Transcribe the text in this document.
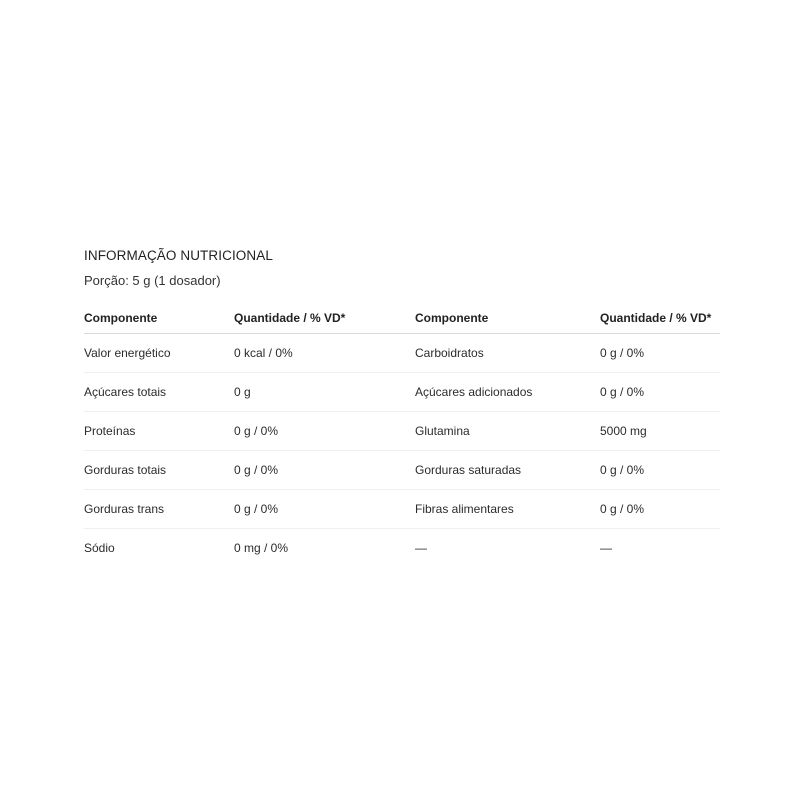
INFORMAÇÃO NUTRICIONAL
Porção: 5 g (1 dosador)
Componente	Quantidade / % VD*	Componente	Quantidade / % VD*
Valor energético	0 kcal / 0%	Carboidratos	0 g / 0%
Açúcares totais	0 g	Açúcares adicionados	0 g / 0%
Proteínas	0 g / 0%	Glutamina	5000 mg
Gorduras totais	0 g / 0%	Gorduras saturadas	0 g / 0%
Gorduras trans	0 g / 0%	Fibras alimentares	0 g / 0%
Sódio	0 mg / 0%	—	—
